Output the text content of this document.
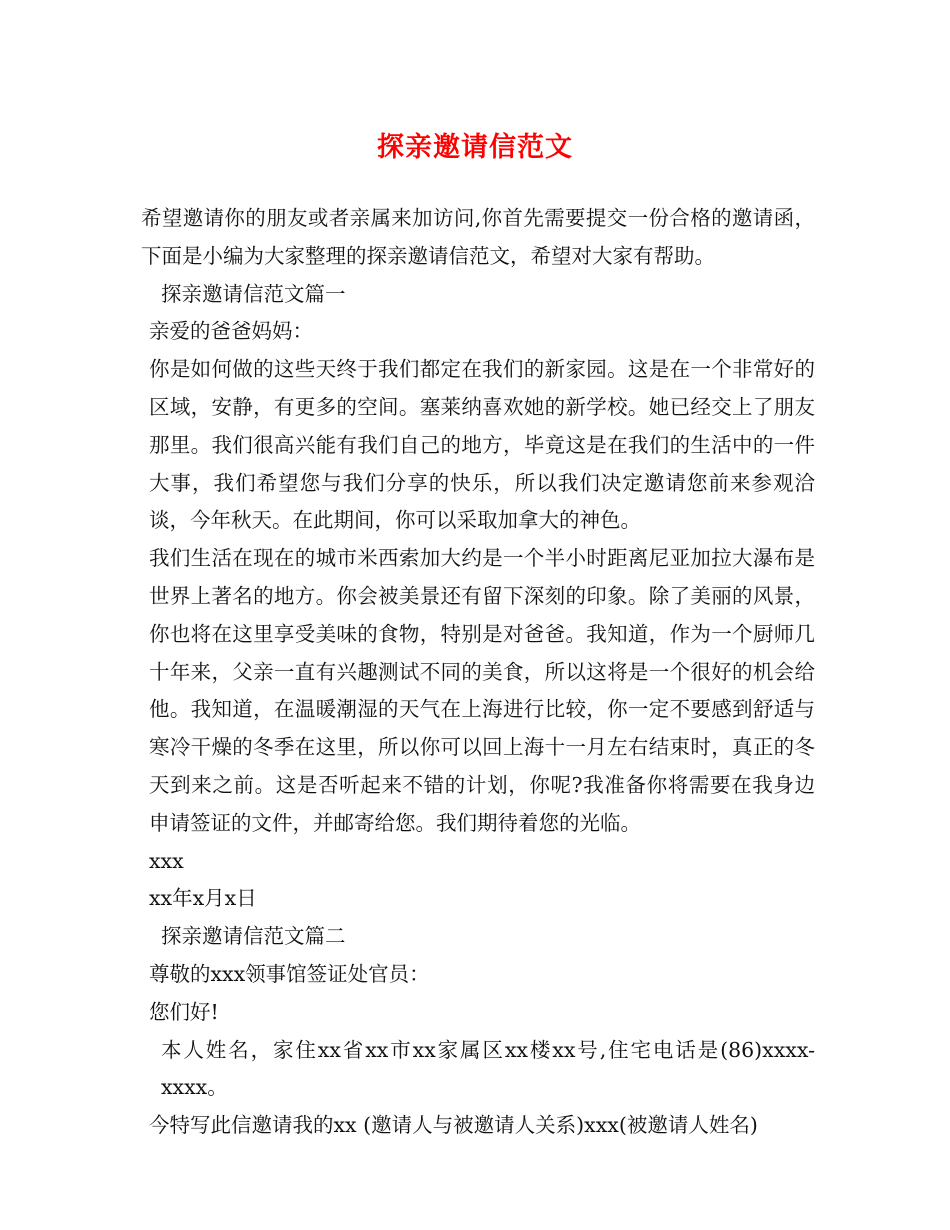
探亲邀请信范文

希望邀请你的朋友或者亲属来加访问,你首先需要提交一份合格的邀请函，下面是小编为大家整理的探亲邀请信范文，希望对大家有帮助。

探亲邀请信范文篇一

亲爱的爸爸妈妈：

你是如何做的这些天终于我们都定在我们的新家园。这是在一个非常好的区域，安静，有更多的空间。塞莱纳喜欢她的新学校。她已经交上了朋友那里。我们很高兴能有我们自己的地方，毕竟这是在我们的生活中的一件大事，我们希望您与我们分享的快乐，所以我们决定邀请您前来参观洽谈，今年秋天。在此期间，你可以采取加拿大的神色。

我们生活在现在的城市米西索加大约是一个半小时距离尼亚加拉大瀑布是世界上著名的地方。你会被美景还有留下深刻的印象。除了美丽的风景，你也将在这里享受美味的食物，特别是对爸爸。我知道，作为一个厨师几十年来，父亲一直有兴趣测试不同的美食，所以这将是一个很好的机会给他。我知道，在温暖潮湿的天气在上海进行比较，你一定不要感到舒适与寒冷干燥的冬季在这里，所以你可以回上海十一月左右结束时，真正的冬天到来之前。这是否听起来不错的计划，你呢?我准备你将需要在我身边申请签证的文件，并邮寄给您。我们期待着您的光临。

xxx

xx年x月x日

探亲邀请信范文篇二

尊敬的xxx领事馆签证处官员：

您们好!

本人姓名，家住xx省xx市xx家属区xx楼xx号,住宅电话是(86)xxxx-xxxx。

今特写此信邀请我的xx (邀请人与被邀请人关系)xxx(被邀请人姓名)
